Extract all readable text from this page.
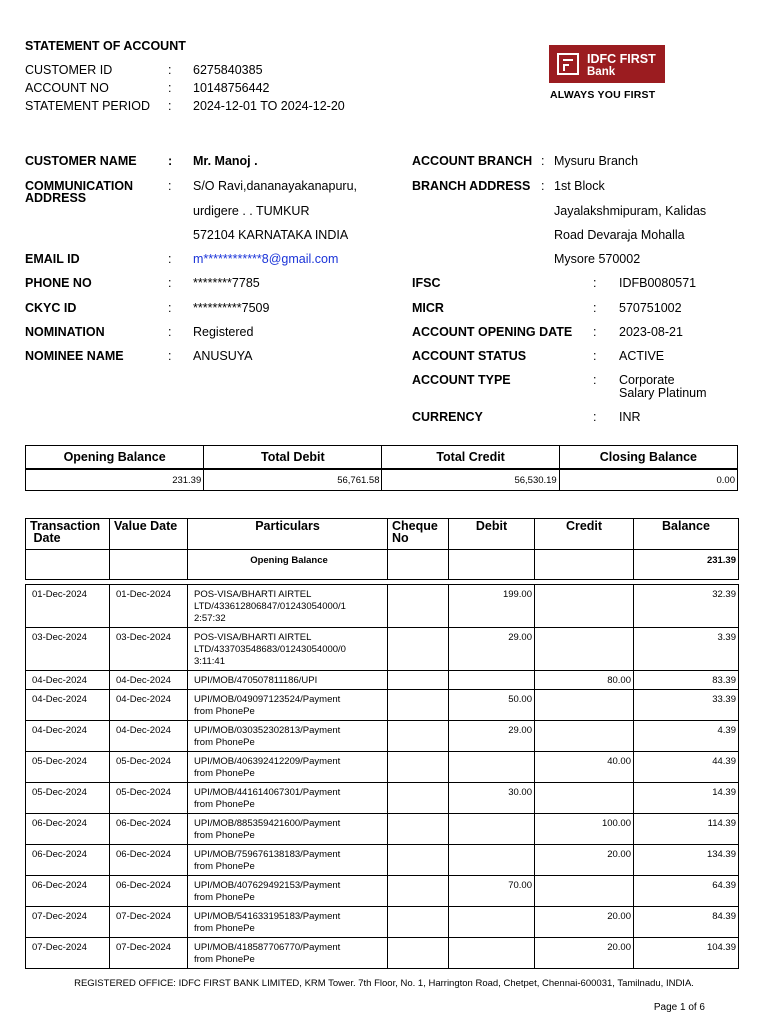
STATEMENT OF ACCOUNT
CUSTOMER ID	: 6275840385
ACCOUNT NO	: 10148756442
STATEMENT PERIOD : 2024-12-01 TO 2024-12-20
IDFC FIRST
Bank
ALWAYS YOU FIRST
CUSTOMER NAME	: Mr. Manoj .
COMMUNICATION
ADDRESS
: S/O Ravi,dananayakanapuru,
urdigere . . TUMKUR
572104 KARNATAKA INDIA
EMAIL ID	: m************8@gmail.com
PHONE NO	: ********7785
CKYC ID	: **********7509
NOMINATION	: Registered
NOMINEE NAME	: ANUSUYA
ACCOUNT BRANCH : Mysuru Branch
BRANCH ADDRESS : 1st Block
Jayalakshmipuram, Kalidas
Road Devaraja Mohalla
Mysore 570002
IFSC	: IDFB0080571
MICR	: 570751002
ACCOUNT OPENING DATE : 2023-08-21
ACCOUNT STATUS	: ACTIVE
ACCOUNT TYPE	: Corporate
Salary Platinum
CURRENCY	: INR
Opening Balance	Total Debit	Total Credit	Closing Balance
231.39	56,761.58	56,530.19	0.00
Transaction
Date	Value Date	Particulars	Cheque
No	Debit	Credit	Balance
		Opening Balance				231.39

01-Dec-2024	01-Dec-2024	POS-VISA/BHARTI AIRTEL
LTD/433612806847/01243054000/1
2:57:32		199.00		32.39
03-Dec-2024	03-Dec-2024	POS-VISA/BHARTI AIRTEL
LTD/433703548683/01243054000/0
3:11:41		29.00		3.39
04-Dec-2024	04-Dec-2024	UPI/MOB/470507811186/UPI			80.00	83.39
04-Dec-2024	04-Dec-2024	UPI/MOB/049097123524/Payment
from PhonePe		50.00		33.39
04-Dec-2024	04-Dec-2024	UPI/MOB/030352302813/Payment
from PhonePe		29.00		4.39
05-Dec-2024	05-Dec-2024	UPI/MOB/406392412209/Payment
from PhonePe			40.00	44.39
05-Dec-2024	05-Dec-2024	UPI/MOB/441614067301/Payment
from PhonePe		30.00		14.39
06-Dec-2024	06-Dec-2024	UPI/MOB/885359421600/Payment
from PhonePe			100.00	114.39
06-Dec-2024	06-Dec-2024	UPI/MOB/759676138183/Payment
from PhonePe			20.00	134.39
06-Dec-2024	06-Dec-2024	UPI/MOB/407629492153/Payment
from PhonePe		70.00		64.39
07-Dec-2024	07-Dec-2024	UPI/MOB/541633195183/Payment
from PhonePe			20.00	84.39
07-Dec-2024	07-Dec-2024	UPI/MOB/418587706770/Payment
from PhonePe			20.00	104.39
REGISTERED OFFICE: IDFC FIRST BANK LIMITED, KRM Tower. 7th Floor, No. 1, Harrington Road, Chetpet, Chennai-600031, Tamilnadu, INDIA.
Page 1 of 6
